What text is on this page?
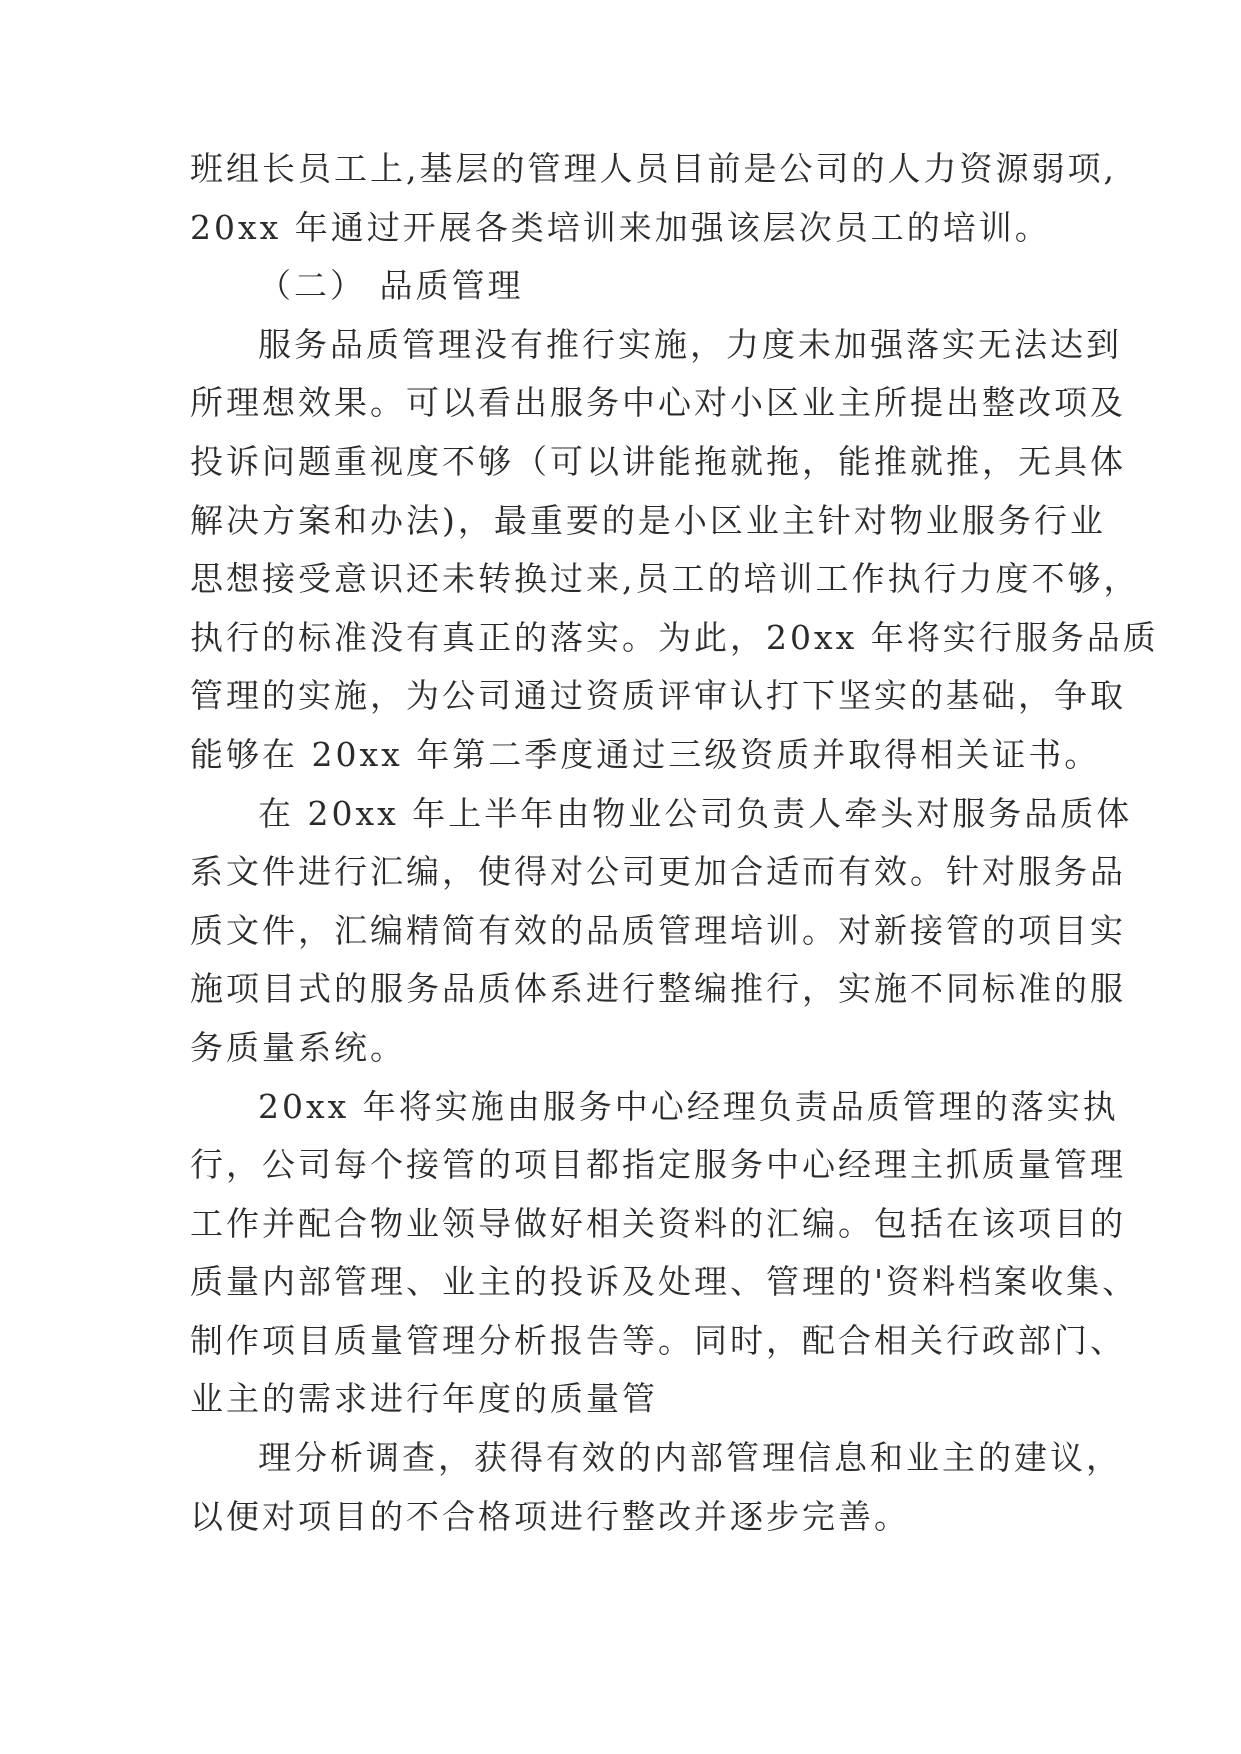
班组长员工上,基层的管理人员目前是公司的人力资源弱项,
20xx 年通过开展各类培训来加强该层次员工的培训。
（二） 品质管理
服务品质管理没有推行实施，力度未加强落实无法达到
所理想效果。可以看出服务中心对小区业主所提出整改项及
投诉问题重视度不够（可以讲能拖就拖，能推就推，无具体
解决方案和办法)，最重要的是小区业主针对物业服务行业
思想接受意识还未转换过来,员工的培训工作执行力度不够，
执行的标准没有真正的落实。为此，20xx 年将实行服务品质
管理的实施，为公司通过资质评审认打下坚实的基础，争取
能够在 20xx 年第二季度通过三级资质并取得相关证书。
在 20xx 年上半年由物业公司负责人牵头对服务品质体
系文件进行汇编，使得对公司更加合适而有效。针对服务品
质文件，汇编精简有效的品质管理培训。对新接管的项目实
施项目式的服务品质体系进行整编推行，实施不同标准的服
务质量系统。
20xx 年将实施由服务中心经理负责品质管理的落实执
行，公司每个接管的项目都指定服务中心经理主抓质量管理
工作并配合物业领导做好相关资料的汇编。包括在该项目的
质量内部管理、业主的投诉及处理、管理的'资料档案收集、
制作项目质量管理分析报告等。同时，配合相关行政部门、
业主的需求进行年度的质量管
理分析调查，获得有效的内部管理信息和业主的建议，
以便对项目的不合格项进行整改并逐步完善。
